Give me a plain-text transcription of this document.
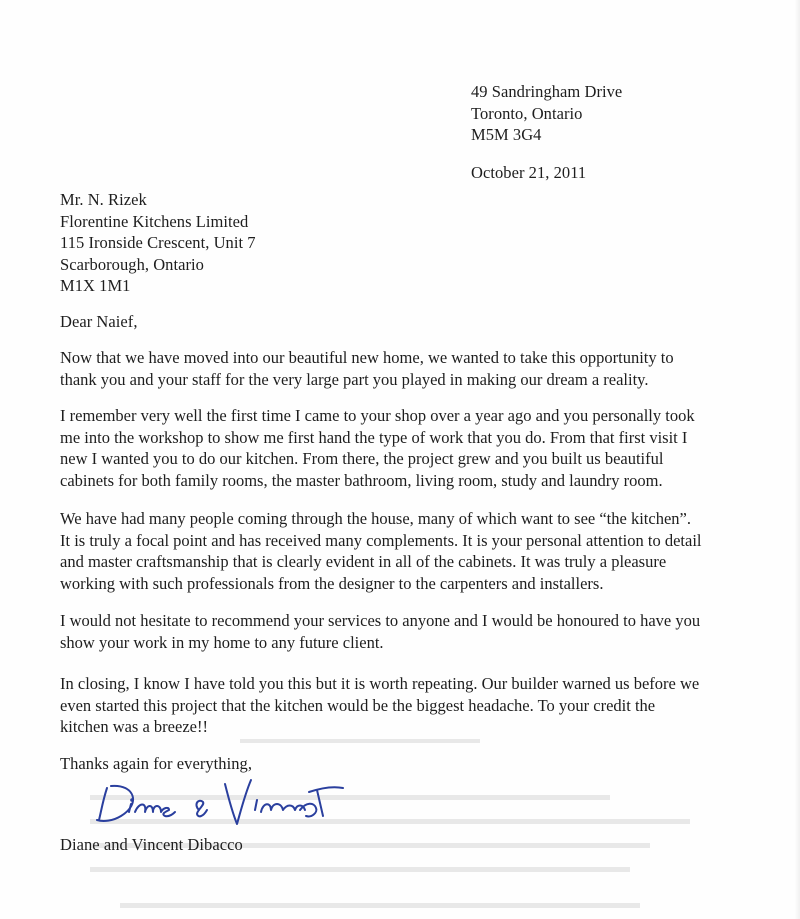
49 Sandringham Drive
Toronto, Ontario
M5M 3G4
October 21, 2011
Mr. N. Rizek
Florentine Kitchens Limited
115 Ironside Crescent, Unit 7
Scarborough, Ontario
M1X 1M1
Dear Naief,
Now that we have moved into our beautiful new home, we wanted to take this opportunity to
thank you and your staff for the very large part you played in making our dream a reality.
I remember very well the first time I came to your shop over a year ago and you personally took
me into the workshop to show me first hand the type of work that you do. From that first visit I
new I wanted you to do our kitchen. From there, the project grew and you built us beautiful
cabinets for both family rooms, the master bathroom, living room, study and laundry room.
We have had many people coming through the house, many of which want to see “the kitchen”.
It is truly a focal point and has received many complements. It is your personal attention to detail
and master craftsmanship that is clearly evident in all of the cabinets. It was truly a pleasure
working with such professionals from the designer to the carpenters and installers.
I would not hesitate to recommend your services to anyone and I would be honoured to have you
show your work in my home to any future client.
In closing, I know I have told you this but it is worth repeating. Our builder warned us before we
even started this project that the kitchen would be the biggest headache. To your credit the
kitchen was a breeze!!
Thanks again for everything,
Diane and Vincent Dibacco
